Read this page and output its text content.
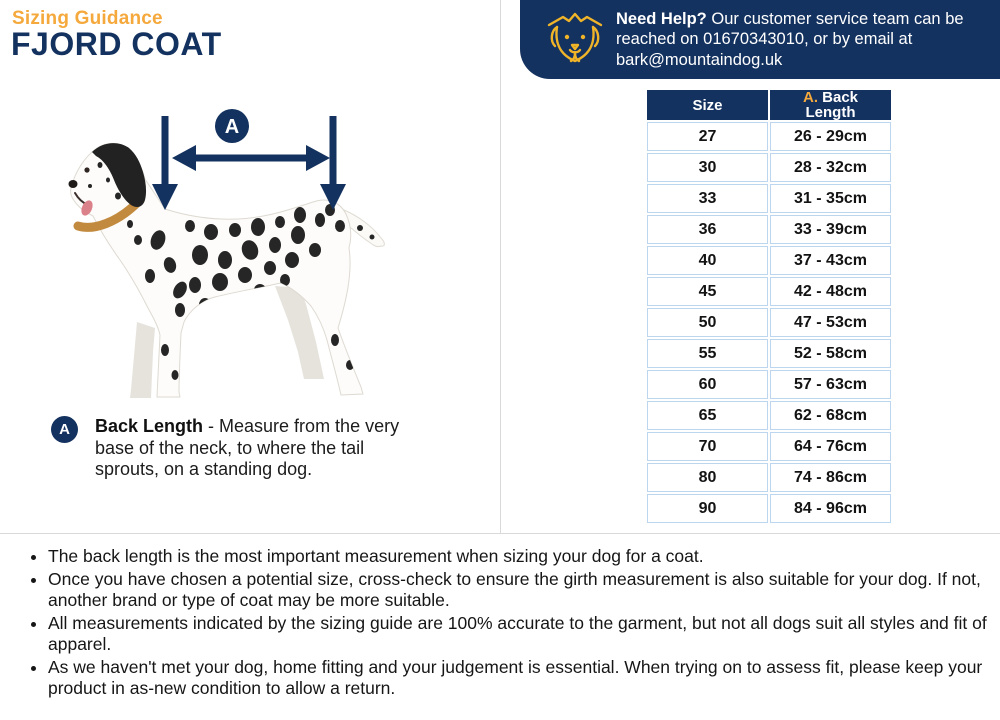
Sizing Guidance
FJORD COAT
Need Help? Our customer service team can be reached on 01670343010, or by email at bark@mountaindog.uk
A
A	Back Length - Measure from the very base of the neck, to where the tail sprouts, on a standing dog.
Size	A. Back Length

27	26 - 29cm
30	28 - 32cm
33	31 - 35cm
36	33 - 39cm
40	37 - 43cm
45	42 - 48cm
50	47 - 53cm
55	52 - 58cm
60	57 - 63cm
65	62 - 68cm
70	64 - 76cm
80	74 - 86cm
90	84 - 96cm
• The back length is the most important measurement when sizing your dog for a coat.
• Once you have chosen a potential size, cross-check to ensure the girth measurement is also suitable for your dog. If not, another brand or type of coat may be more suitable.
• All measurements indicated by the sizing guide are 100% accurate to the garment, but not all dogs suit all styles and fit of apparel.
• As we haven't met your dog, home fitting and your judgement is essential. When trying on to assess fit, please keep your product in as-new condition to allow a return.
